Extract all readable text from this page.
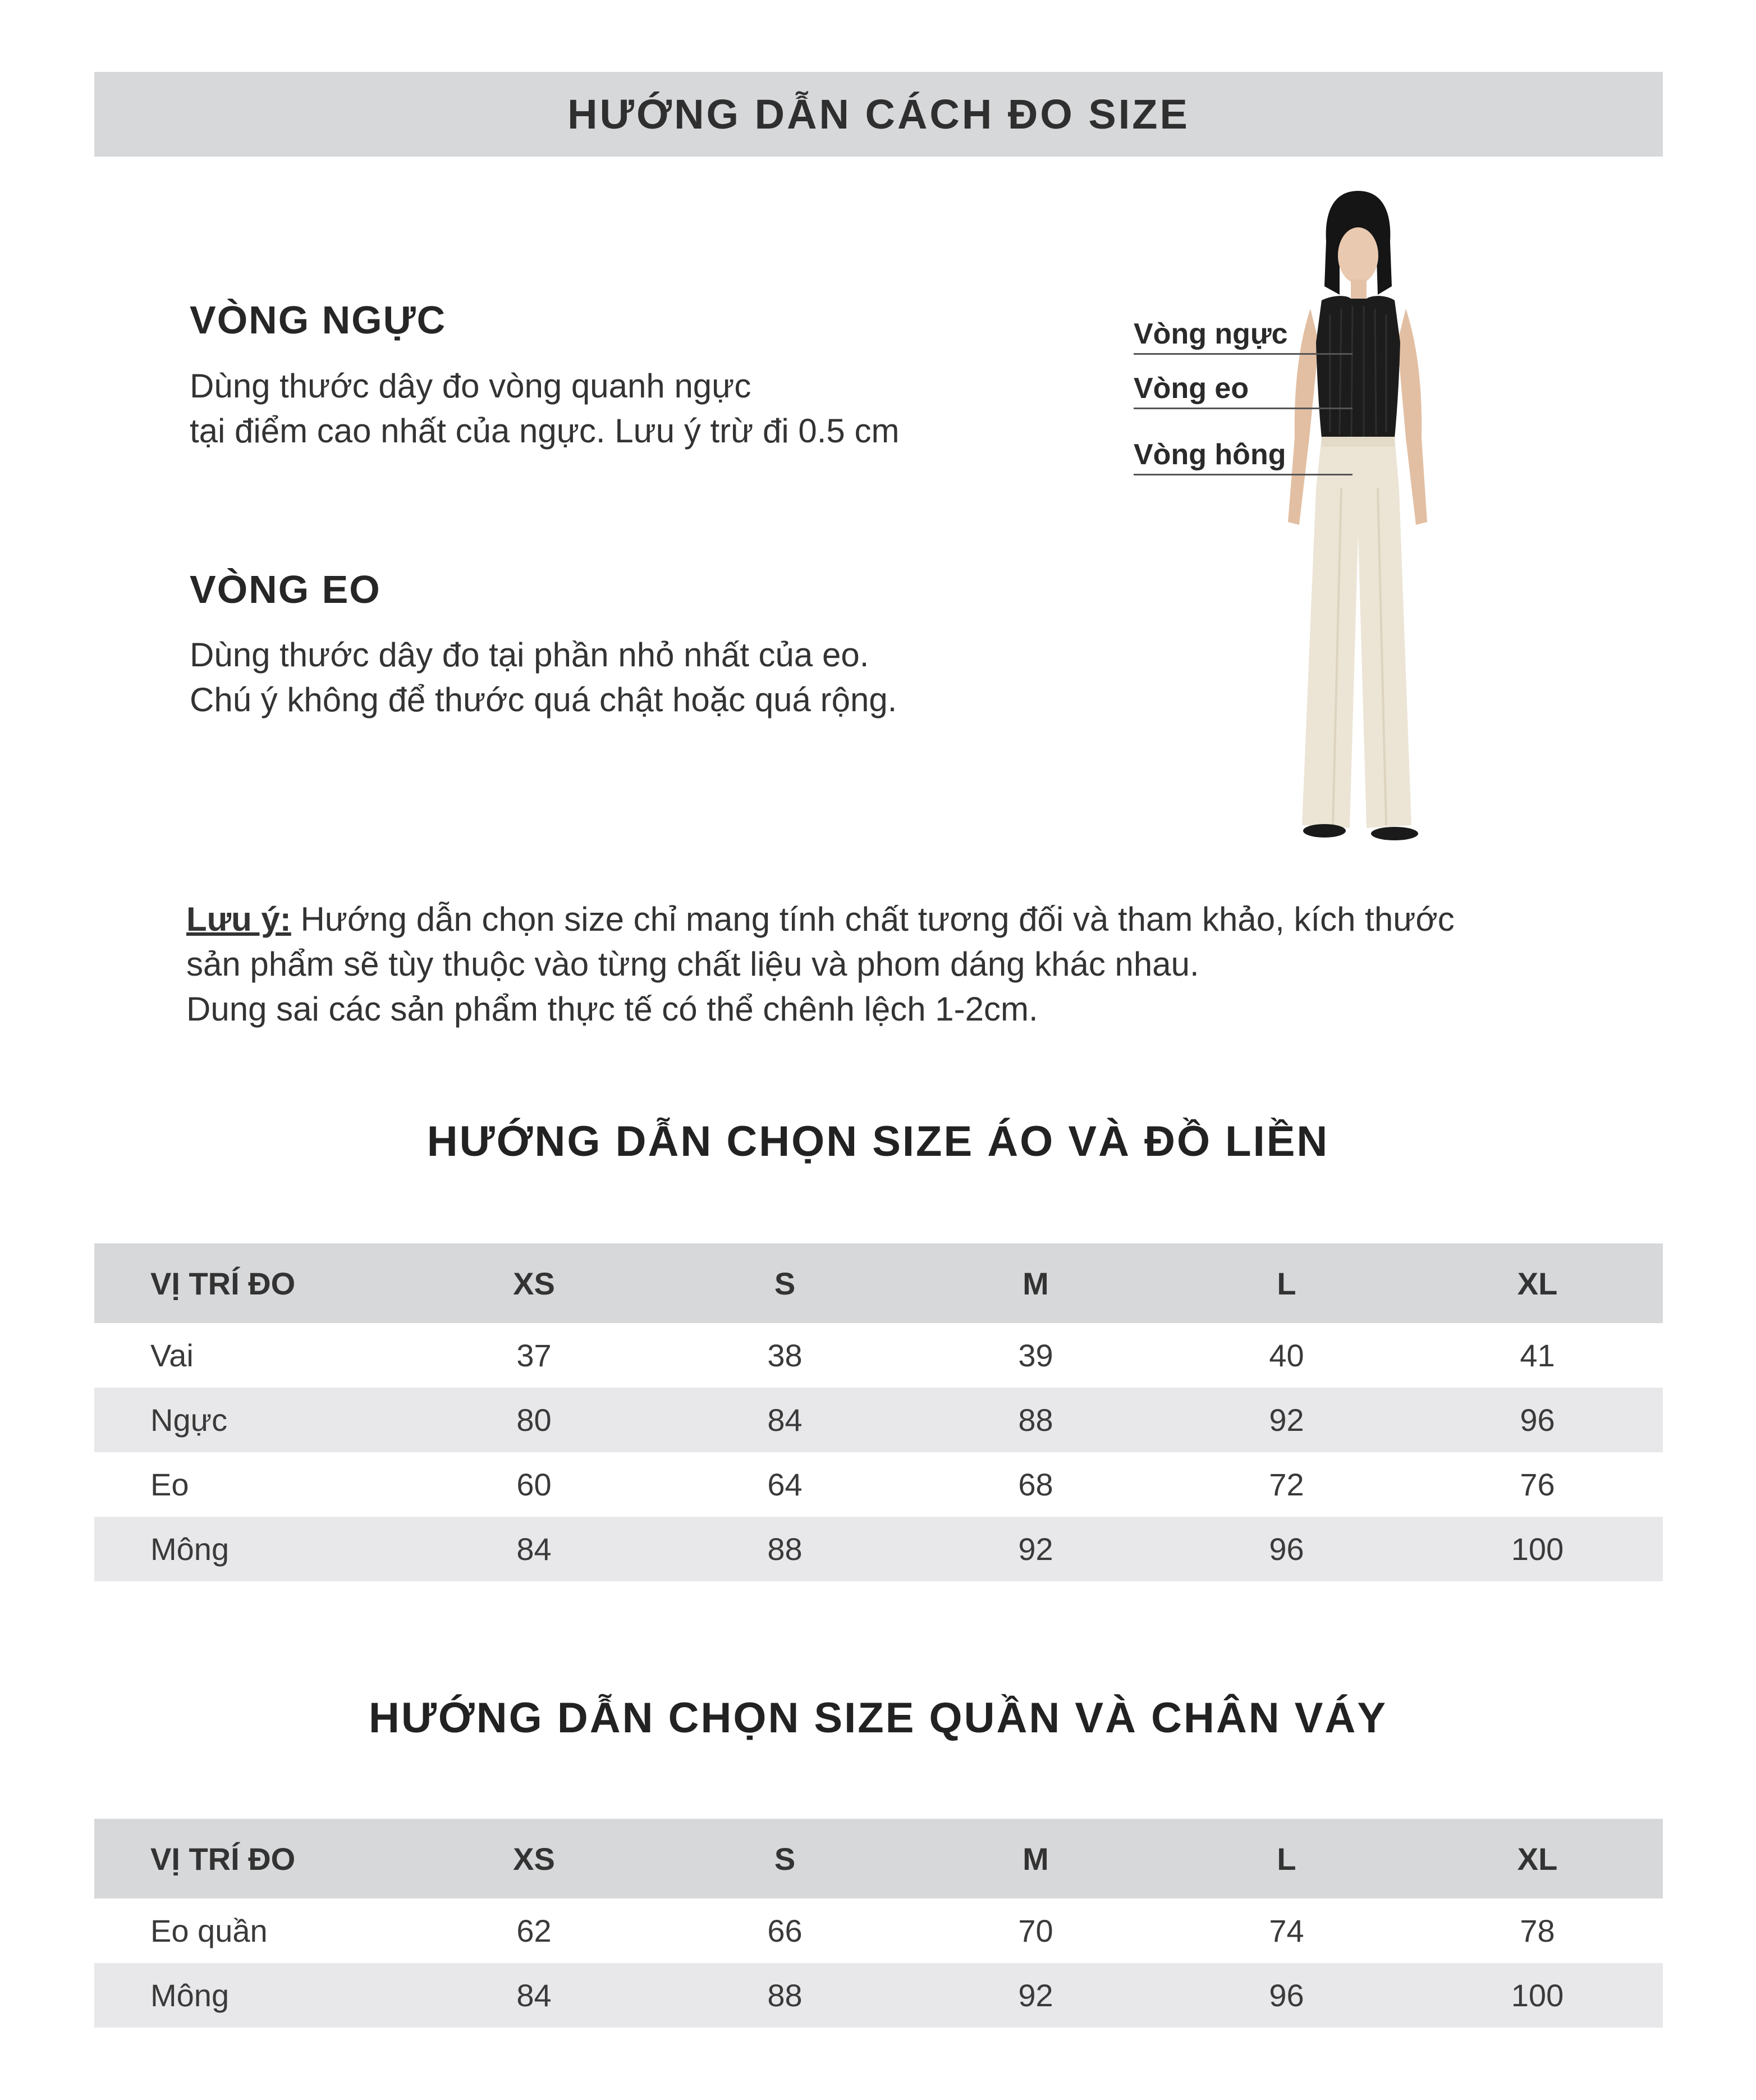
HƯỚNG DẪN CÁCH ĐO SIZE
VÒNG NGỰC
Dùng thước dây đo vòng quanh ngực
tại điểm cao nhất của ngực. Lưu ý trừ đi 0.5 cm
VÒNG EO
Dùng thước dây đo tại phần nhỏ nhất của eo.
Chú ý không để thước quá chật hoặc quá rộng.
Vòng ngực
Vòng eo
Vòng hông
Lưu ý: Hướng dẫn chọn size chỉ mang tính chất tương đối và tham khảo, kích thước
sản phẩm sẽ tùy thuộc vào từng chất liệu và phom dáng khác nhau.
Dung sai các sản phẩm thực tế có thể chênh lệch 1-2cm.
HƯỚNG DẪN CHỌN SIZE ÁO VÀ ĐỒ LIỀN
VỊ TRÍ ĐO	XS	S	M	L	XL
Vai	37	38	39	40	41
Ngực	80	84	88	92	96
Eo	60	64	68	72	76
Mông	84	88	92	96	100
HƯỚNG DẪN CHỌN SIZE QUẦN VÀ CHÂN VÁY
VỊ TRÍ ĐO	XS	S	M	L	XL
Eo quần	62	66	70	74	78
Mông	84	88	92	96	100
